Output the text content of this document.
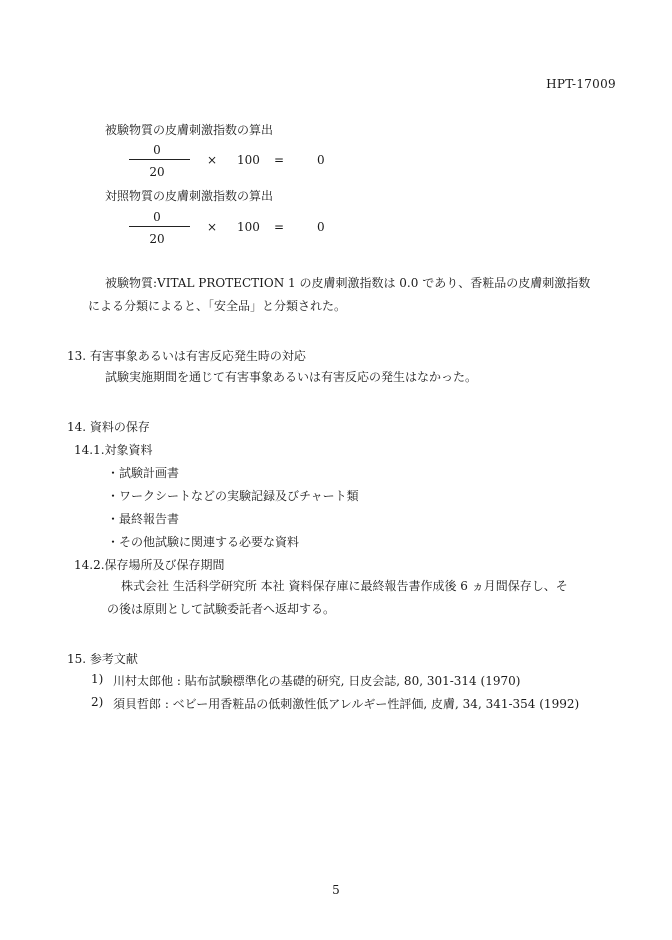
HPT-17009
被験物質の皮膚刺激指数の算出
0
20
× 100 =	0
対照物質の皮膚刺激指数の算出
0
20
× 100 =	0
被験物質:VITAL PROTECTION 1 の皮膚刺激指数は 0.0 であり、香粧品の皮膚刺激指数
による分類によると、「安全品」と分類された。
13. 有害事象あるいは有害反応発生時の対応
試験実施期間を通じて有害事象あるいは有害反応の発生はなかった。
14. 資料の保存
14.1.対象資料
・試験計画書
・ワークシートなどの実験記録及びチャート類
・最終報告書
・その他試験に関連する必要な資料
14.2.保存場所及び保存期間
株式会社 生活科学研究所 本社 資料保存庫に最終報告書作成後 6 ヵ月間保存し、そ
の後は原則として試験委託者へ返却する。
15. 参考文献
1) 川村太郎他 : 貼布試験標準化の基礎的研究, 日皮会誌, 80, 301-314 (1970)
2) 須貝哲郎 : ベビー用香粧品の低刺激性低アレルギー性評価, 皮膚, 34, 341-354 (1992)
5
